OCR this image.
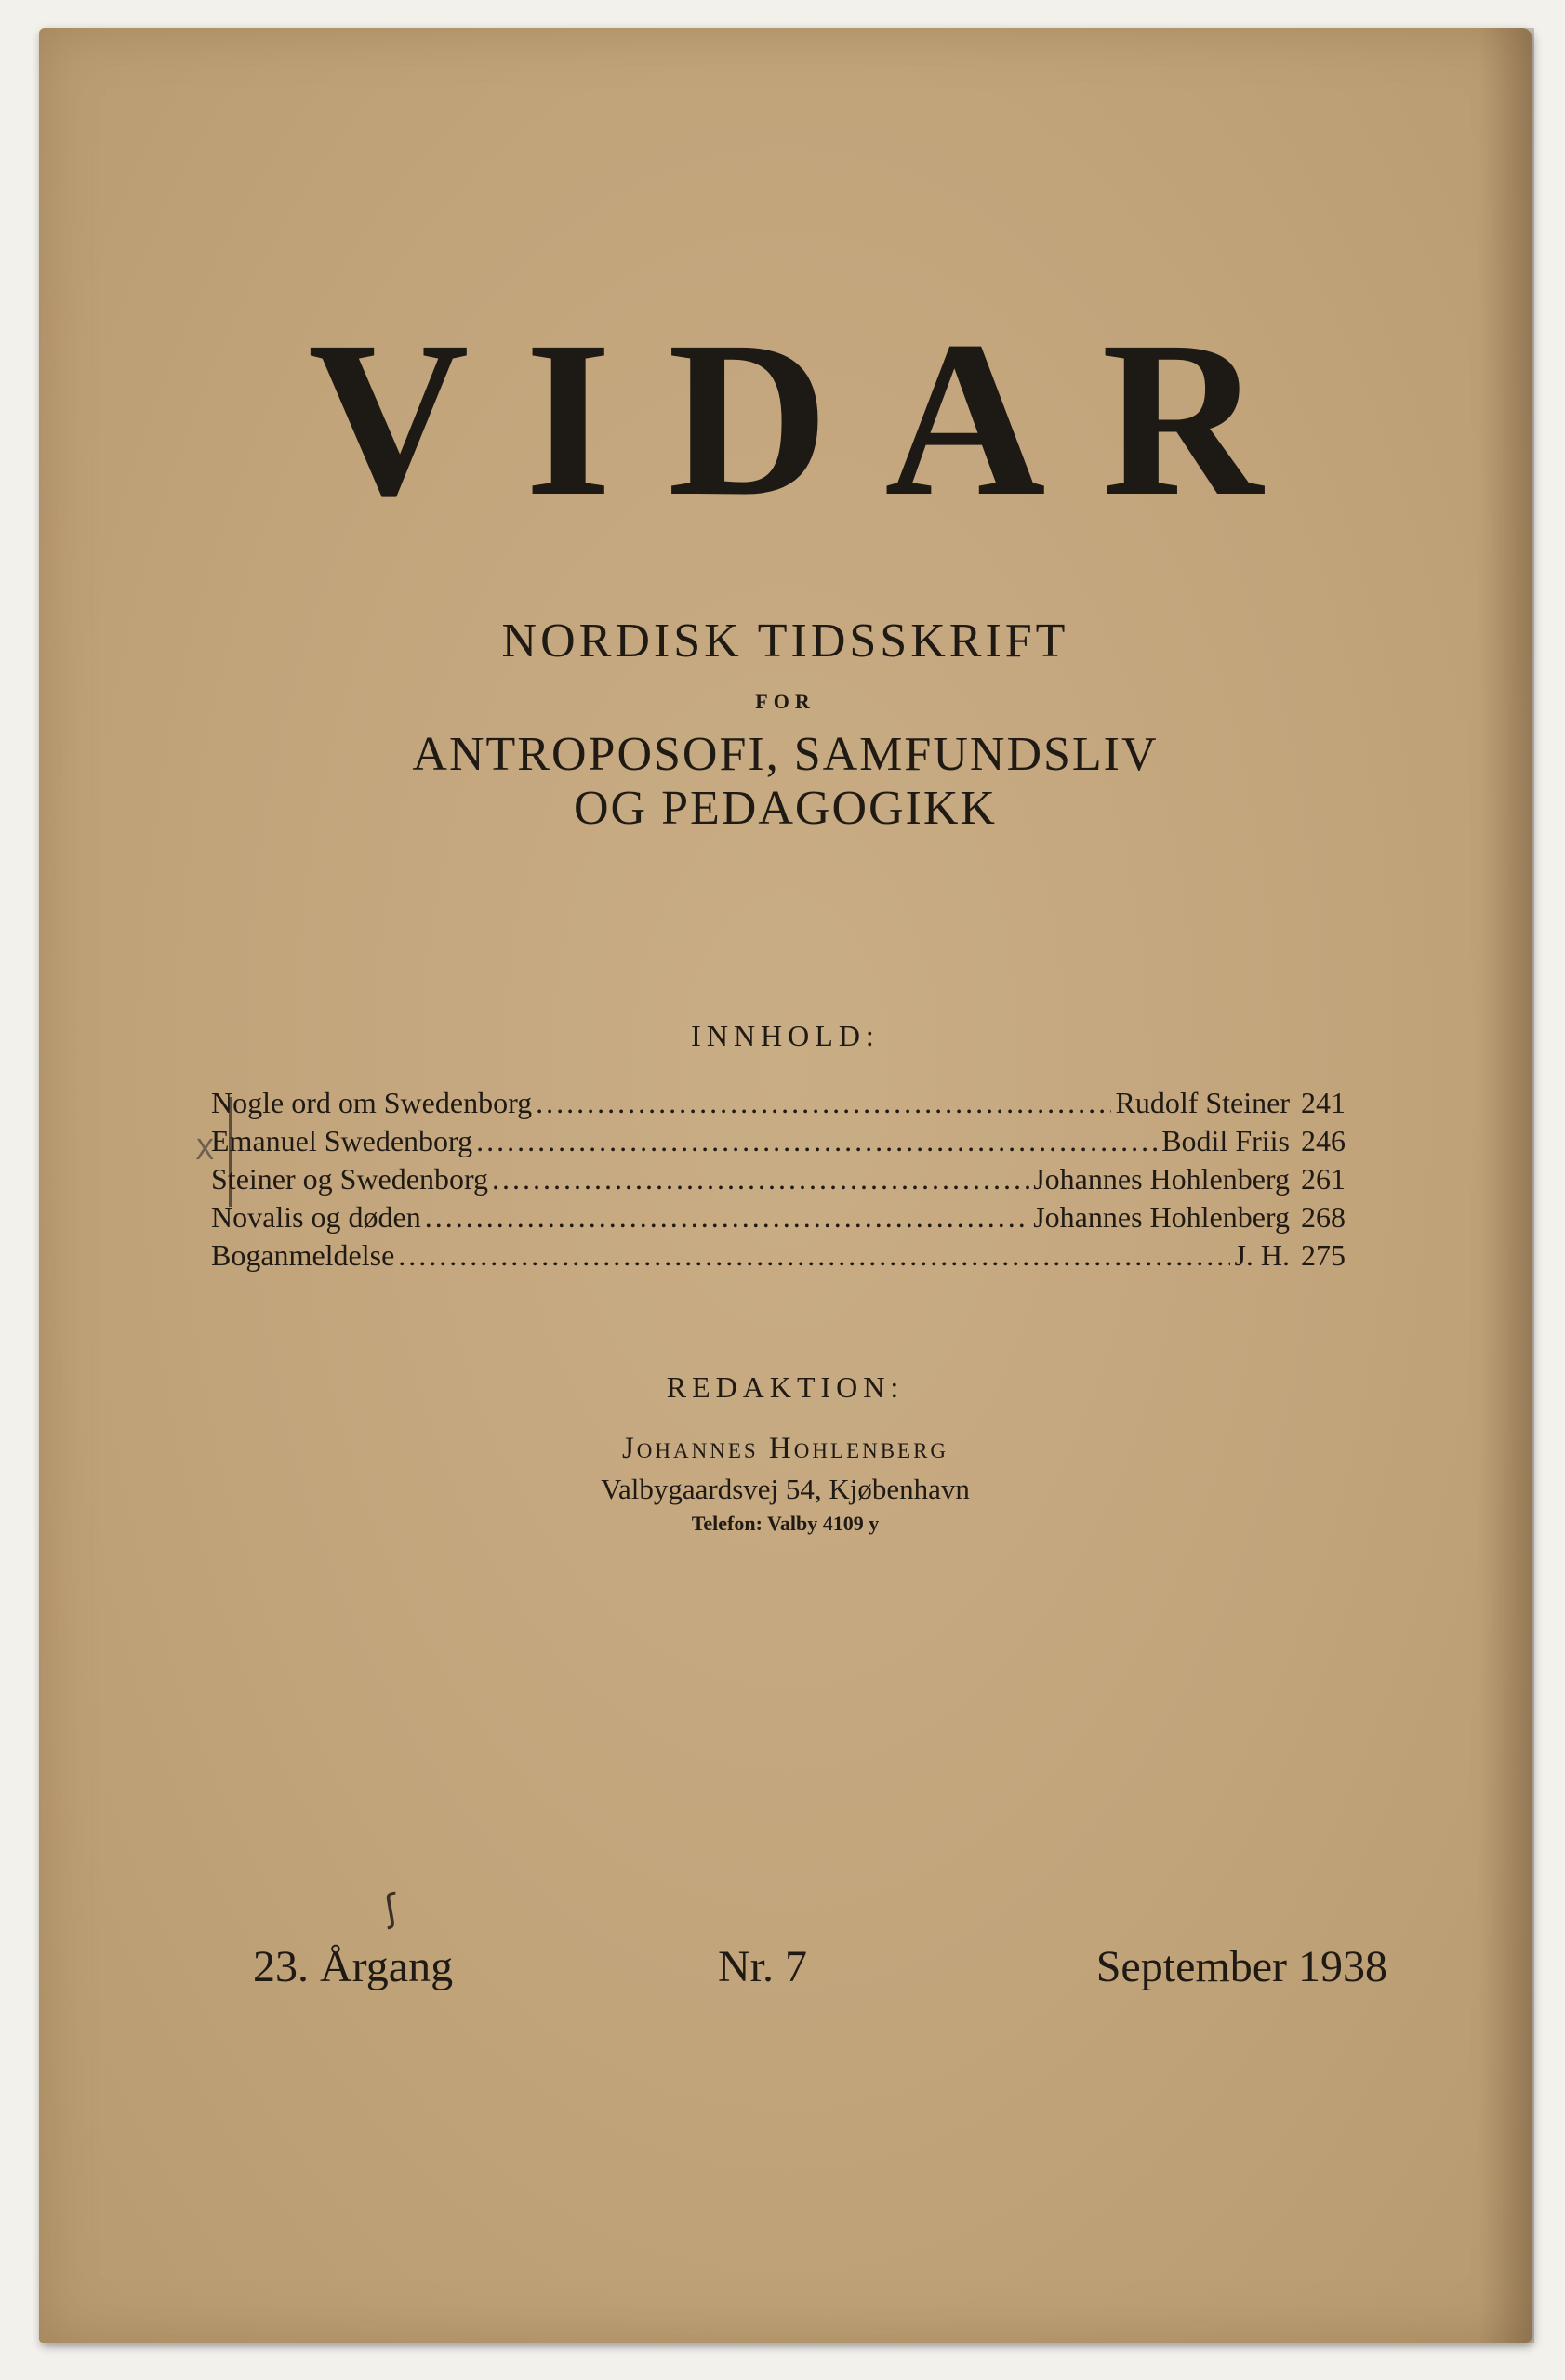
VIDAR
NORDISK TIDSSKRIFT
FOR
ANTROPOSOFI, SAMFUNDSLIV
OG PEDAGOGIKK
INNHOLD:
X
Nogle ord om Swedenborg .....	Rudolf Steiner 241
Emanuel Swedenborg .....	Bodil Friis 246
Steiner og Swedenborg .....	Johannes Hohlenberg 261
Novalis og døden .....	Johannes Hohlenberg 268
Boganmeldelse .....	J. H. 275
REDAKTION:
Johannes Hohlenberg
Valbygaardsvej 54, Kjøbenhavn
Telefon: Valby 4109 y
ʃ
23. Årgang	Nr. 7	September 1938
